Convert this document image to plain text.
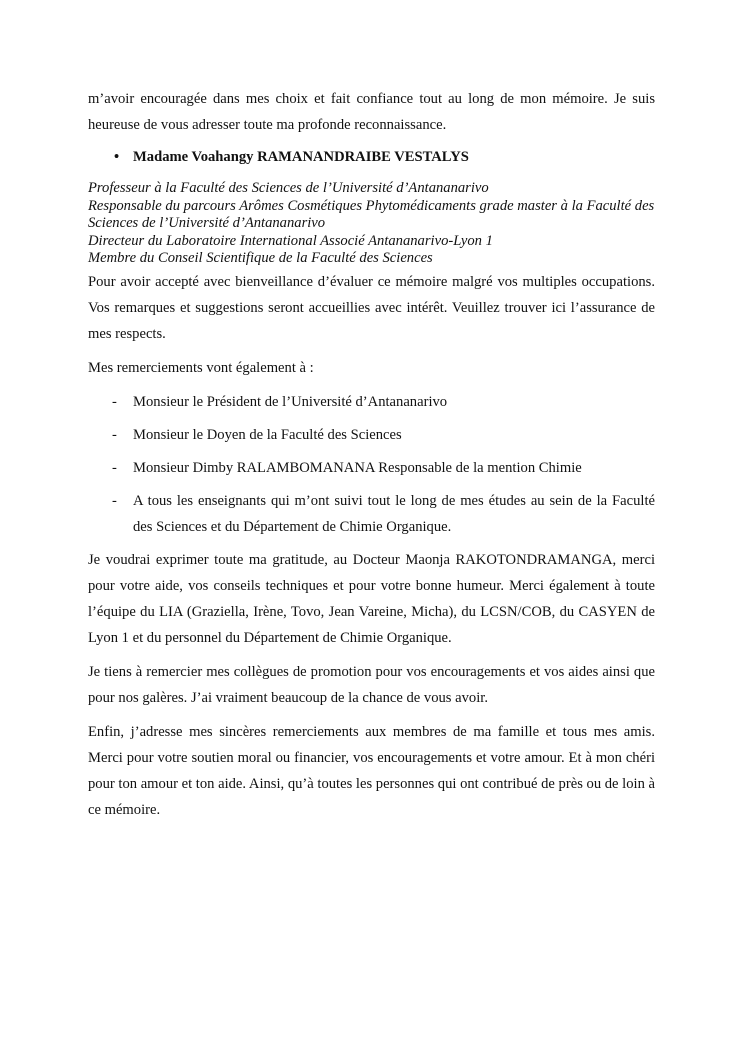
m’avoir encouragée dans mes choix et fait confiance tout au long de mon mémoire. Je suis heureuse de vous adresser toute ma profonde reconnaissance.

• Madame Voahangy RAMANANDRAIBE VESTALYS
Professeur à la Faculté des Sciences de l’Université d’Antananarivo
Responsable du parcours Arômes Cosmétiques Phytomédicaments grade master à la Faculté des Sciences de l’Université d’Antananarivo
Directeur du Laboratoire International Associé Antananarivo-Lyon 1
Membre du Conseil Scientifique de la Faculté des Sciences

Pour avoir accepté avec bienveillance d’évaluer ce mémoire malgré vos multiples occupations. Vos remarques et suggestions seront accueillies avec intérêt. Veuillez trouver ici l’assurance de mes respects.

Mes remerciements vont également à :

- Monsieur le Président de l’Université d’Antananarivo
- Monsieur le Doyen de la Faculté des Sciences
- Monsieur Dimby RALAMBOMANANA Responsable de la mention Chimie
- A tous les enseignants qui m’ont suivi tout le long de mes études au sein de la Faculté des Sciences et du Département de Chimie Organique.

Je voudrai exprimer toute ma gratitude, au Docteur Maonja RAKOTONDRAMANGA, merci pour votre aide, vos conseils techniques et pour votre bonne humeur. Merci également à toute l’équipe du LIA (Graziella, Irène, Tovo, Jean Vareine, Micha), du LCSN/COB, du CASYEN de Lyon 1 et du personnel du Département de Chimie Organique.

Je tiens à remercier mes collègues de promotion pour vos encouragements et vos aides ainsi que pour nos galères. J’ai vraiment beaucoup de la chance de vous avoir.

Enfin, j’adresse mes sincères remerciements aux membres de ma famille et tous mes amis. Merci pour votre soutien moral ou financier, vos encouragements et votre amour. Et à mon chéri pour ton amour et ton aide. Ainsi, qu’à toutes les personnes qui ont contribué de près ou de loin à ce mémoire.
